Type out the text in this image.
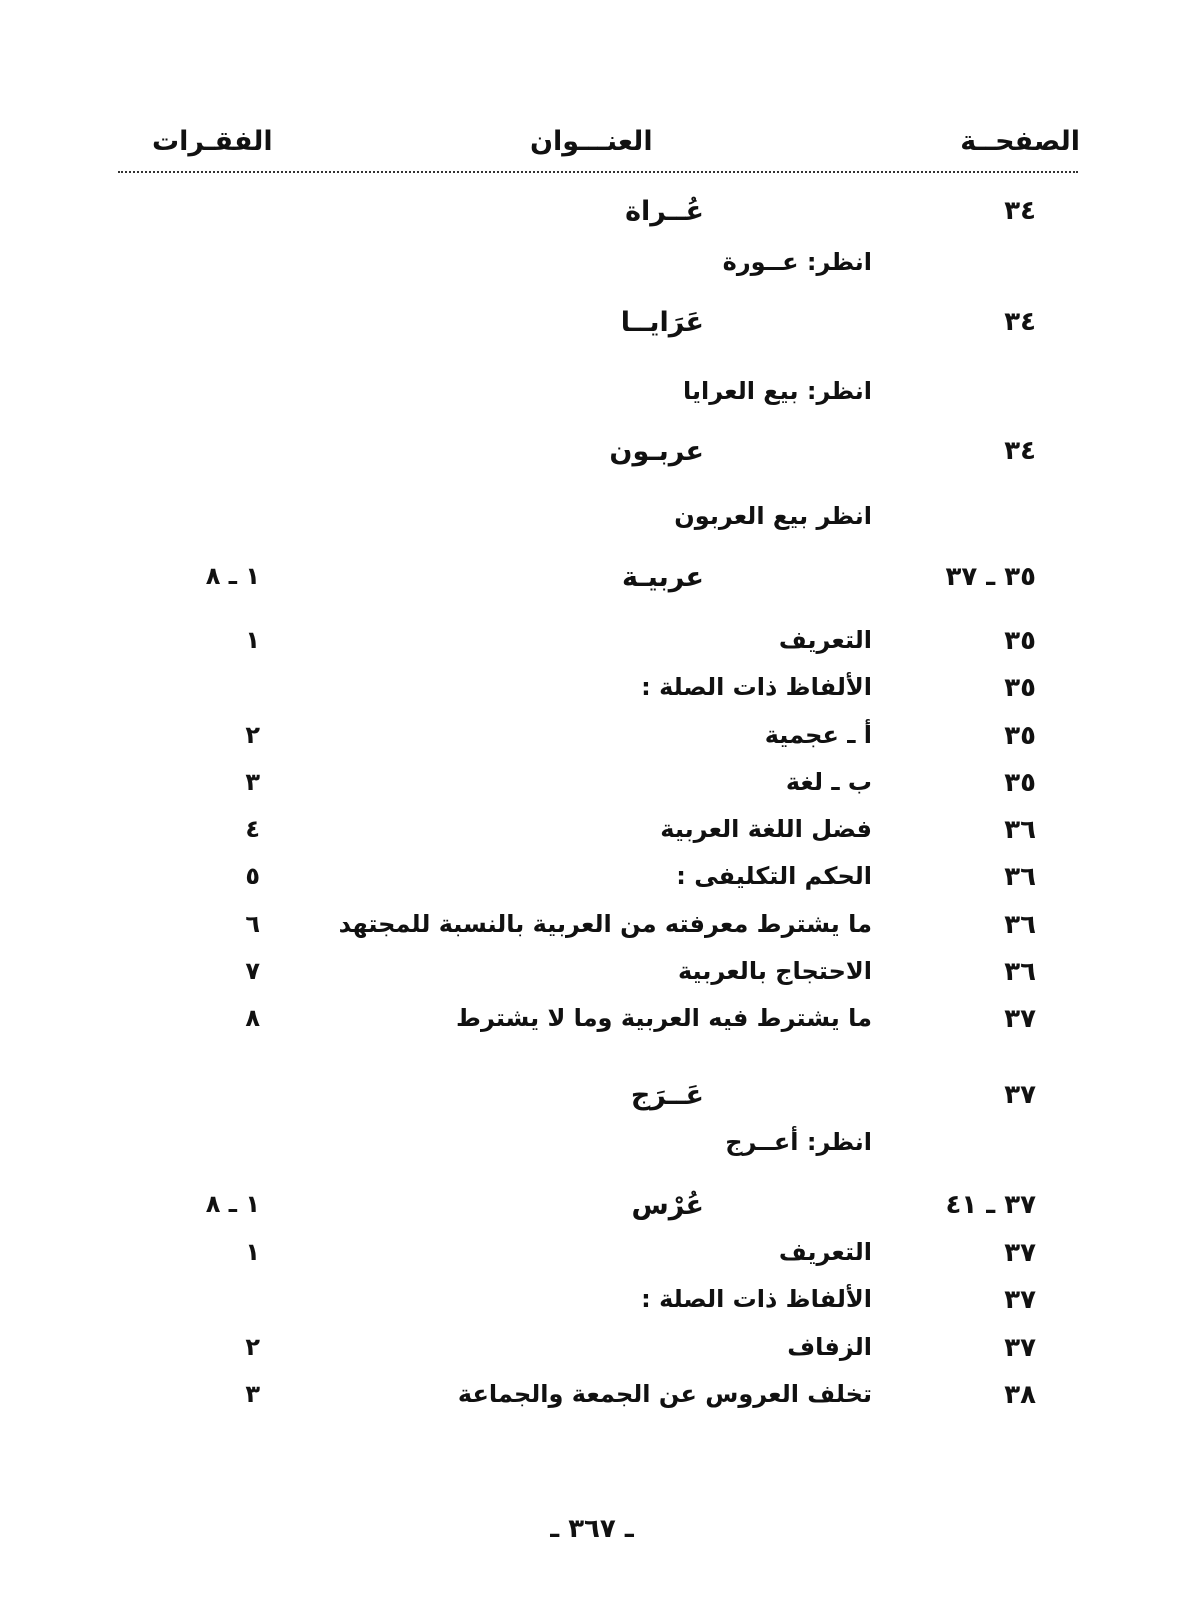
الصفحــة
العنـــوان
الفقـرات
٣٤
عُــراة
انظر: عــورة
٣٤
عَرَايــا
انظر: بيع العرايا
٣٤
عربـون
انظر بيع العربون
٣٥ ـ ٣٧
عربيـة
١ ـ ٨
٣٥
التعريف
١
٣٥
الألفاظ ذات الصلة :
٣٥
أ ـ عجمية
٢
٣٥
ب ـ لغة
٣
٣٦
فضل اللغة العربية
٤
٣٦
الحكم التكليفى :
٥
٣٦
ما يشترط معرفته من العربية بالنسبة للمجتهد
٦
٣٦
الاحتجاج بالعربية
٧
٣٧
ما يشترط فيه العربية وما لا يشترط
٨
٣٧
عَــرَج
انظر: أعــرج
٣٧ ـ ٤١
عُرْس
١ ـ ٨
٣٧
التعريف
١
٣٧
الألفاظ ذات الصلة :
٣٧
الزفاف
٢
٣٨
تخلف العروس عن الجمعة والجماعة
٣
ـ ٣٦٧ ـ
